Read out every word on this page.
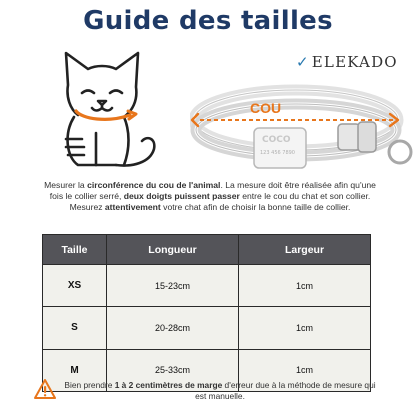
Guide des tailles
✓ ELEKADO
COU
COCO
123 456 7890
Mesurer la circonférence du cou de l'animal. La mesure doit être réalisée afin qu'une fois le collier serré, deux doigts puissent passer entre le cou du chat et son collier. Mesurez attentivement votre chat afin de choisir la bonne taille de collier.
Taille	Longueur	Largeur
XS	15-23cm	1cm
S	20-28cm	1cm
M	25-33cm	1cm
Bien prendre 1 à 2 centimètres de marge d'erreur due à la méthode de mesure qui est manuelle.
